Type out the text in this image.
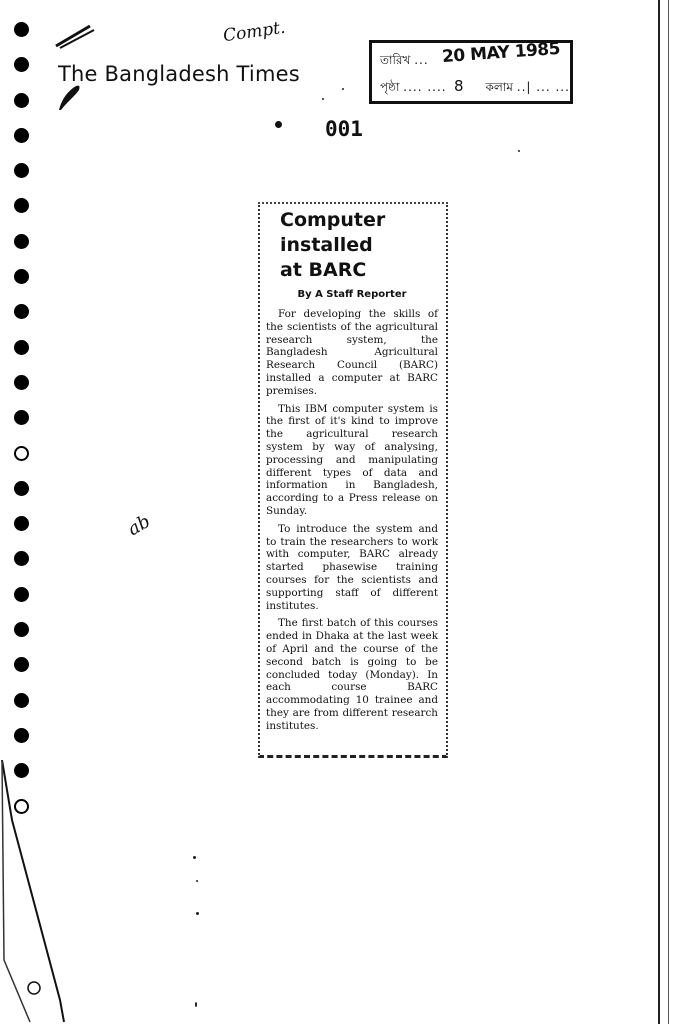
Compt.
The Bangladesh Times
তারিখ ... 20 MAY 1985
পৃষ্ঠা .... ....	কলাম ..| ... ...
8
001
Computer
installed
at BARC
By A Staff Reporter

For developing the skills of the scientists of the agricultural research system, the Bangladesh Agricultural Research Council (BARC) installed a computer at BARC premises.

This IBM computer system is the first of it's kind to improve the agricultural research system by way of analysing, processing and manipulating different types of data and information in Bangladesh, according to a Press release on Sunday.

To introduce the system and to train the researchers to work with computer, BARC already started phasewise training courses for the scientists and supporting staff of different institutes.

The first batch of this courses ended in Dhaka at the last week of April and the course of the second batch is going to be concluded today (Monday). In each course BARC accommodating 10 trainee and they are from different research institutes.

ab
